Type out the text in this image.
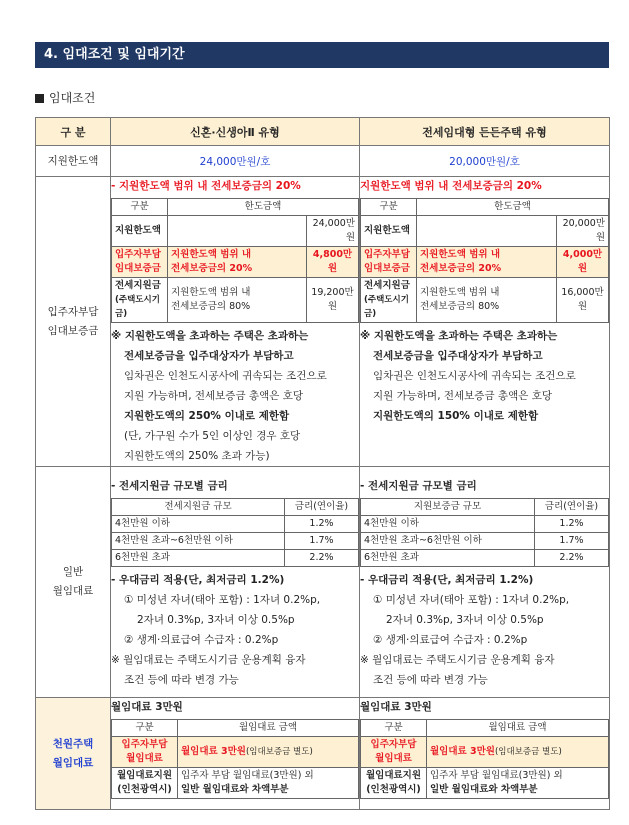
4. 임대조건 및 임대기간
임대조건
구 분	신혼·신생아Ⅱ 유형	전세임대형 든든주택 유형
지원한도액	24,000만원/호	20,000만원/호
입주자부담
임대보증금	
- 지원한도액 범위 내 전세보증금의 20%
구분	한도금액
지원한도액		24,000만원
입주자부담
임대보증금	지원한도액 범위 내
전세보증금의 20%	4,800만원
전세지원금
(주택도시기금)	지원한도액 범위 내
전세보증금의 80%	19,200만원
※ 지원한도액을 초과하는 주택은 초과하는
전세보증금을 입주대상자가 부담하고
임차권은 인천도시공사에 귀속되는 조건으로
지원 가능하며, 전세보증금 총액은 호당
지원한도액의 250% 이내로 제한함
(단, 가구원 수가 5인 이상인 경우 호당
지원한도액의 250% 초과 가능)

지원한도액 범위 내 전세보증금의 20%
구분	한도금액
지원한도액		20,000만원
입주자부담
임대보증금	지원한도액 범위 내
전세보증금의 20%	4,000만원
전세지원금
(주택도시기금)	지원한도액 범위 내
전세보증금의 80%	16,000만원
※ 지원한도액을 초과하는 주택은 초과하는
전세보증금을 입주대상자가 부담하고
임차권은 인천도시공사에 귀속되는 조건으로
지원 가능하며, 전세보증금 총액은 호당
지원한도액의 150% 이내로 제한함

일반
월임대료	
- 전세지원금 규모별 금리
전세지원금 규모	금리(연이율)
4천만원 이하	1.2%
4천만원 초과~6천만원 이하	1.7%
6천만원 초과	2.2%
- 우대금리 적용(단, 최저금리 1.2%)
① 미성년 자녀(태아 포함) : 1자녀 0.2%p,
2자녀 0.3%p, 3자녀 이상 0.5%p
② 생계·의료급여 수급자 : 0.2%p
※ 월임대료는 주택도시기금 운용계획 융자
조건 등에 따라 변경 가능

- 전세지원금 규모별 금리
지원보증금 규모	금리(연이율)
4천만원 이하	1.2%
4천만원 초과~6천만원 이하	1.7%
6천만원 초과	2.2%
- 우대금리 적용(단, 최저금리 1.2%)
① 미성년 자녀(태아 포함) : 1자녀 0.2%p,
2자녀 0.3%p, 3자녀 이상 0.5%p
② 생계·의료급여 수급자 : 0.2%p
※ 월임대료는 주택도시기금 운용계획 융자
조건 등에 따라 변경 가능

천원주택
월임대료	
월임대료 3만원
구분	월임대료 금액
입주자부담
월임대료	월임대료 3만원(임대보증금 별도)
월임대료지원
(인천광역시)	입주자 부담 월임대료(3만원) 외
일반 월임대료와 차액부분

월임대료 3만원
구분	월임대료 금액
입주자부담
월임대료	월임대료 3만원(임대보증금 별도)
월임대료지원
(인천광역시)	입주자 부담 월임대료(3만원) 외
일반 월임대료와 차액부분
